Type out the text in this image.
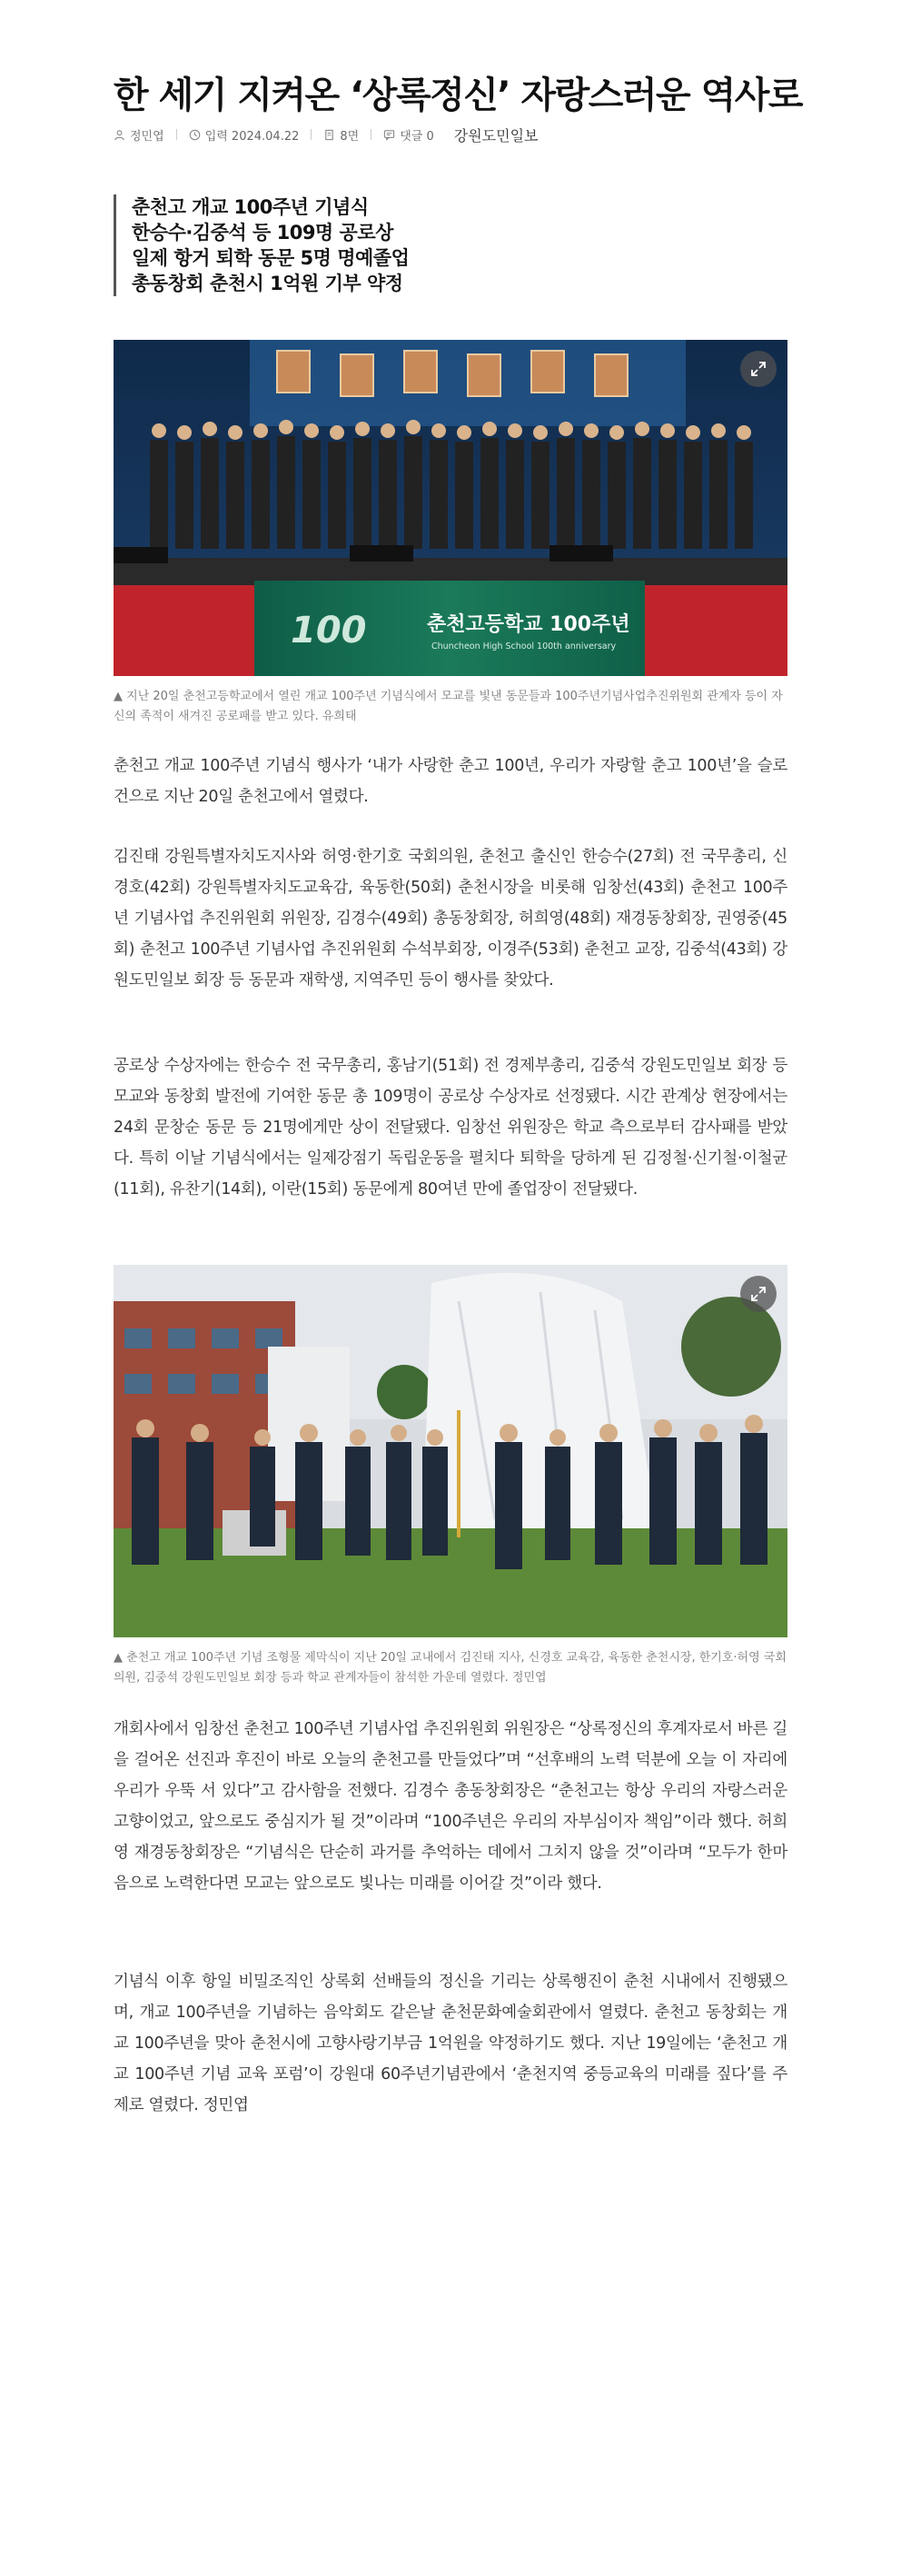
한 세기 지켜온 ‘상록정신’ 자랑스러운 역사로
정민엽	입력 2024.04.22	8면	댓글 0 강원도민일보
춘천고 개교 100주년 기념식
한승수·김중석 등 109명 공로상
일제 항거 퇴학 동문 5명 명예졸업
총동창회 춘천시 1억원 기부 약정
100	춘천고등학교 100주년
Chuncheon High School 100th anniversary
▲ 지난 20일 춘천고등학교에서 열린 개교 100주년 기념식에서 모교를 빛낸 동문들과 100주년기념사업추진위원회 관계자 등이 자신의 족적이 새겨진 공로패를 받고 있다. 유희태

춘천고 개교 100주년 기념식 행사가 ‘내가 사랑한 춘고 100년, 우리가 자랑할 춘고 100년’을 슬로건으로 지난 20일 춘천고에서 열렸다.

김진태 강원특별자치도지사와 허영·한기호 국회의원, 춘천고 출신인 한승수(27회) 전 국무총리, 신경호(42회) 강원특별자치도교육감, 육동한(50회) 춘천시장을 비롯해 임창선(43회) 춘천고 100주년 기념사업 추진위원회 위원장, 김경수(49회) 총동창회장, 허희영(48회) 재경동창회장, 권영중(45회) 춘천고 100주년 기념사업 추진위원회 수석부회장, 이경주(53회) 춘천고 교장, 김중석(43회) 강원도민일보 회장 등 동문과 재학생, 지역주민 등이 행사를 찾았다.

공로상 수상자에는 한승수 전 국무총리, 홍남기(51회) 전 경제부총리, 김중석 강원도민일보 회장 등 모교와 동창회 발전에 기여한 동문 총 109명이 공로상 수상자로 선정됐다. 시간 관계상 현장에서는 24회 문창순 동문 등 21명에게만 상이 전달됐다. 임창선 위원장은 학교 측으로부터 감사패를 받았다. 특히 이날 기념식에서는 일제강점기 독립운동을 펼치다 퇴학을 당하게 된 김정철·신기철·이철균(11회), 유찬기(14회), 이란(15회) 동문에게 80여년 만에 졸업장이 전달됐다.

▲ 춘천고 개교 100주년 기념 조형물 제막식이 지난 20일 교내에서 김진태 지사, 신경호 교육감, 육동한 춘천시장, 한기호·허영 국회의원, 김중석 강원도민일보 회장 등과 학교 관계자들이 참석한 가운데 열렸다. 정민엽

개회사에서 임창선 춘천고 100주년 기념사업 추진위원회 위원장은 “상록정신의 후계자로서 바른 길을 걸어온 선진과 후진이 바로 오늘의 춘천고를 만들었다”며 “선후배의 노력 덕분에 오늘 이 자리에 우리가 우뚝 서 있다”고 감사함을 전했다. 김경수 총동창회장은 “춘천고는 항상 우리의 자랑스러운 고향이었고, 앞으로도 중심지가 될 것”이라며 “100주년은 우리의 자부심이자 책임”이라 했다. 허희영 재경동창회장은 “기념식은 단순히 과거를 추억하는 데에서 그치지 않을 것”이라며 “모두가 한마음으로 노력한다면 모교는 앞으로도 빛나는 미래를 이어갈 것”이라 했다.

기념식 이후 항일 비밀조직인 상록회 선배들의 정신을 기리는 상록행진이 춘천 시내에서 진행됐으며, 개교 100주년을 기념하는 음악회도 같은날 춘천문화예술회관에서 열렸다. 춘천고 동창회는 개교 100주년을 맞아 춘천시에 고향사랑기부금 1억원을 약정하기도 했다. 지난 19일에는 ‘춘천고 개교 100주년 기념 교육 포럼’이 강원대 60주년기념관에서 ‘춘천지역 중등교육의 미래를 짚다’를 주제로 열렸다. 정민엽
